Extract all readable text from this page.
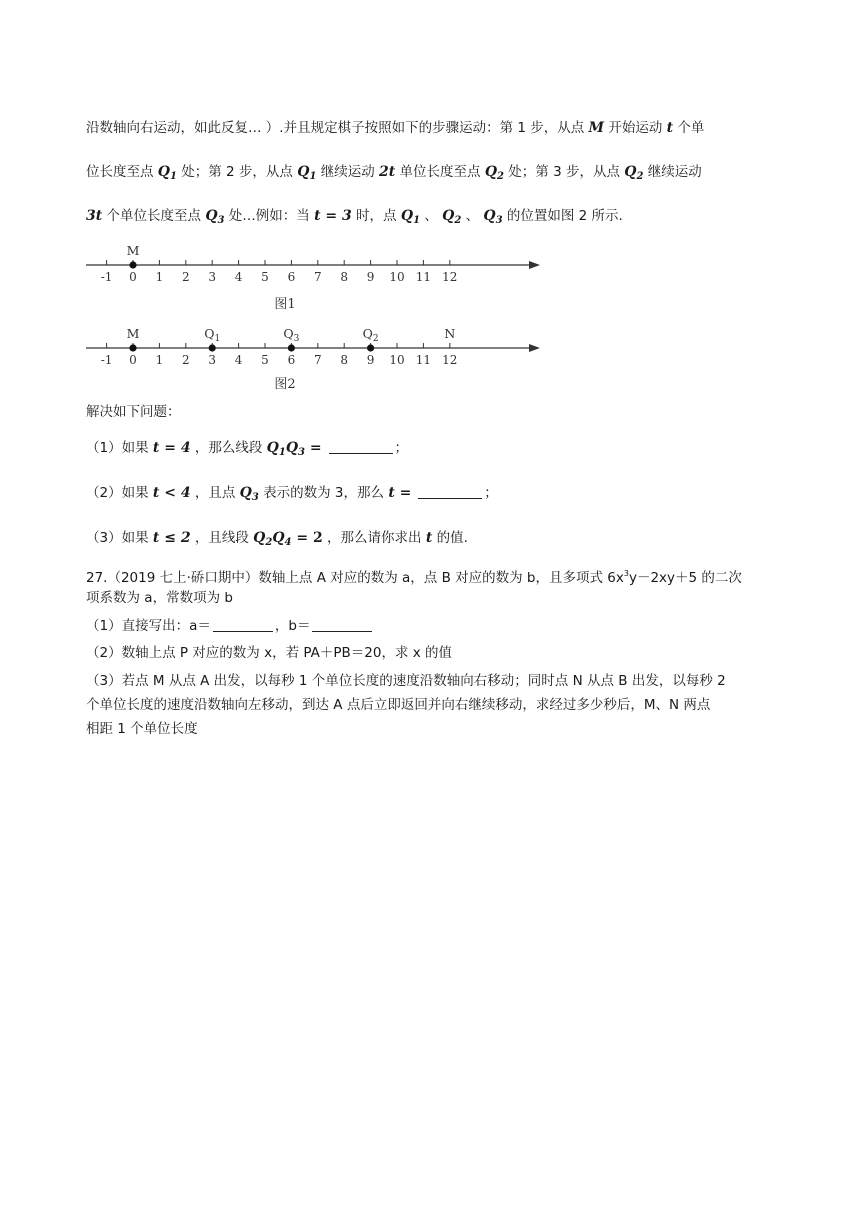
沿数轴向右运动，如此反复… ）.并且规定棋子按照如下的步骤运动：第 1 步，从点 M 开始运动 t 个单
位长度至点 $Q_1$ 处；第 2 步，从点 $Q_1$ 继续运动 2t 单位长度至点 $Q_2$ 处；第 3 步，从点 $Q_2$ 继续运动
3t 个单位长度至点 $Q_3$ 处…例如：当 t = 3 时，点 $Q_1$ 、 $Q_2$ 、 $Q_3$ 的位置如图 2 所示.
-1 0 1 2 3 4 5 6 7 8 9 10 11 12
M
图1
-1 0 1 2 3 4 5 6 7 8 9 10 11 12
M	$Q_1$	$Q_3$	$Q_2$	N
图2
解决如下问题：
（1）如果 t = 4 ，那么线段 $Q_1Q_3$ =	；
（2）如果 t < 4 ，且点 $Q_3$ 表示的数为 3，那么 t =	；
（3）如果 t ≤ 2 ，且线段 $Q_2Q_4 = 2$ ，那么请你求出 t 的值.
27.（2019 七上·硚口期中）数轴上点 A 对应的数为 a，点 B 对应的数为 b，且多项式 $6x^3y-2xy+5$ 的二次
项系数为 a，常数项为 b
（1）直接写出：a＝	，b＝
（2）数轴上点 P 对应的数为 x，若 PA＋PB＝20，求 x 的值
（3）若点 M 从点 A 出发，以每秒 1 个单位长度的速度沿数轴向右移动；同时点 N 从点 B 出发，以每秒 2
个单位长度的速度沿数轴向左移动，到达 A 点后立即返回并向右继续移动，求经过多少秒后，M、N 两点
相距 1 个单位长度
